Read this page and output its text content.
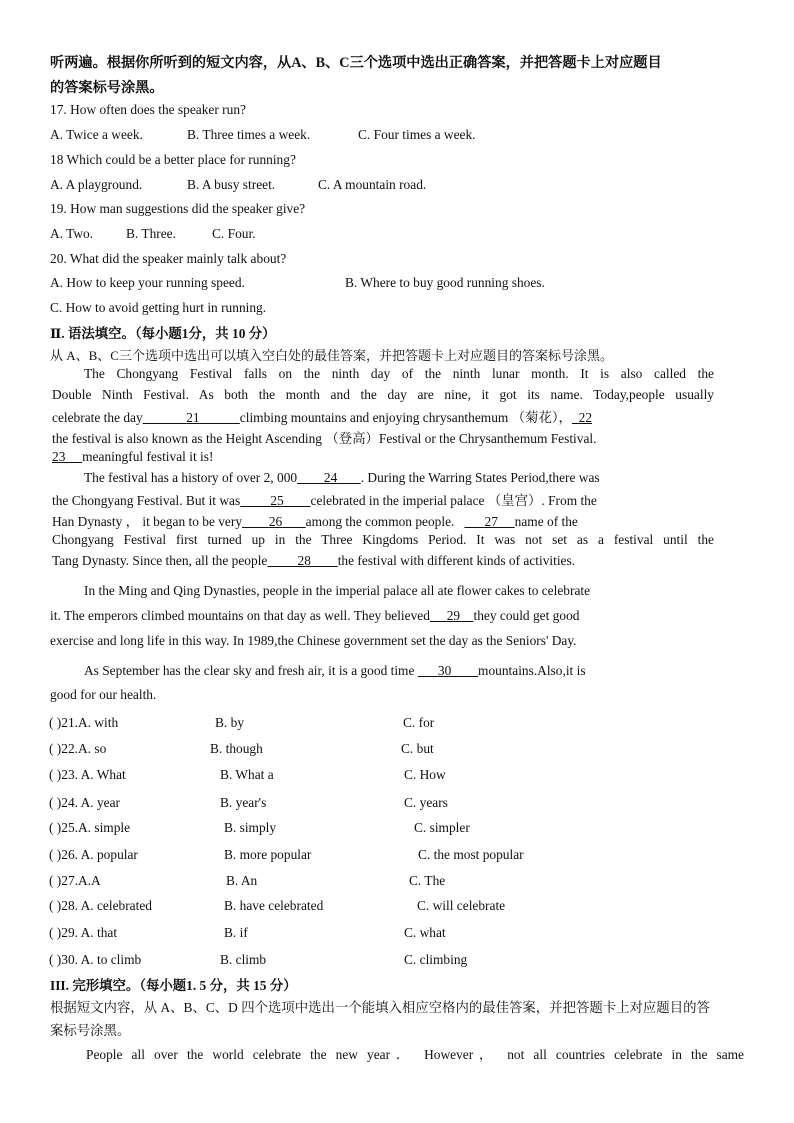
听两遍。根据你所听到的短文内容，从A、B、C三个选项中选出正确答案，并把答题卡上对应题目
的答案标号涂黑。
17. How often does the speaker run?
A. Twice a week.	B. Three times a week.	C. Four times a week.
18 Which could be a better place for running?
A. A playground.	B. A busy street.	C. A mountain road.
19. How man suggestions did the speaker give?
A. Two. B. Three.	C. Four.
20. What did the speaker mainly talk about?
A. How to keep your running speed.	B. Where to buy good running shoes.
C. How to avoid getting hurt in running.
Ⅱ. 语法填空。（每小题1分，共 10 分）
从 A、B、C三个选项中选出可以填入空白处的最佳答案，并把答题卡上对应题目的答案标号涂黑。
The Chongyang Festival falls on the ninth day of the ninth lunar month. It is also called the
Double Ninth Festival. As both the month and the day are nine, it got its name. Today,people usually
celebrate the day	21	climbing mountains and enjoying chrysanthemum （菊花）， 22
the festival is also known as the Height Ascending （登高）Festival or the Chrysanthemum Festival.
23 meaningful festival it is!
The festival has a history of over 2, 000 24 . During the Warring States Period,there was
the Chongyang Festival. But it was 25 celebrated in the imperial palace （皇宫）. From the
Han Dynasty ， it began to be very 26 among the common people. 27 name of the
Chongyang Festival first turned up in the Three Kingdoms Period. It was not set as a festival until the
Tang Dynasty. Since then, all the people 28 the festival with different kinds of activities.
In the Ming and Qing Dynasties, people in the imperial palace all ate flower cakes to celebrate
it. The emperors climbed mountains on that day as well. They believed 29 they could get good
exercise and long life in this way. In 1989,the Chinese government set the day as the Seniors' Day.
As September has the clear sky and fresh air, it is a good time 30 mountains.Also,it is
good for our health.
( )21.A. with	B. by	C. for
( )22.A. so	B. though	C. but
( )23. A. What	B. What a	C. How
( )24. A. year	B. year's	C. years
( )25.A. simple	B. simply	C. simpler
( )26. A. popular	B. more popular	C. the most popular
( )27.A.A	B. An	C. The
( )28. A. celebrated	B. have celebrated	C. will celebrate
( )29. A. that	B. if	C. what
( )30. A. to climb	B. climb	C. climbing
III. 完形填空。（每小题1. 5 分，共 15 分）
根据短文内容，从 A、B、C、D 四个选项中选出一个能填入相应空格内的最佳答案，并把答题卡上对应题目的答
案标号涂黑。
People all over the world celebrate the new year． However， not all countries celebrate in the same
